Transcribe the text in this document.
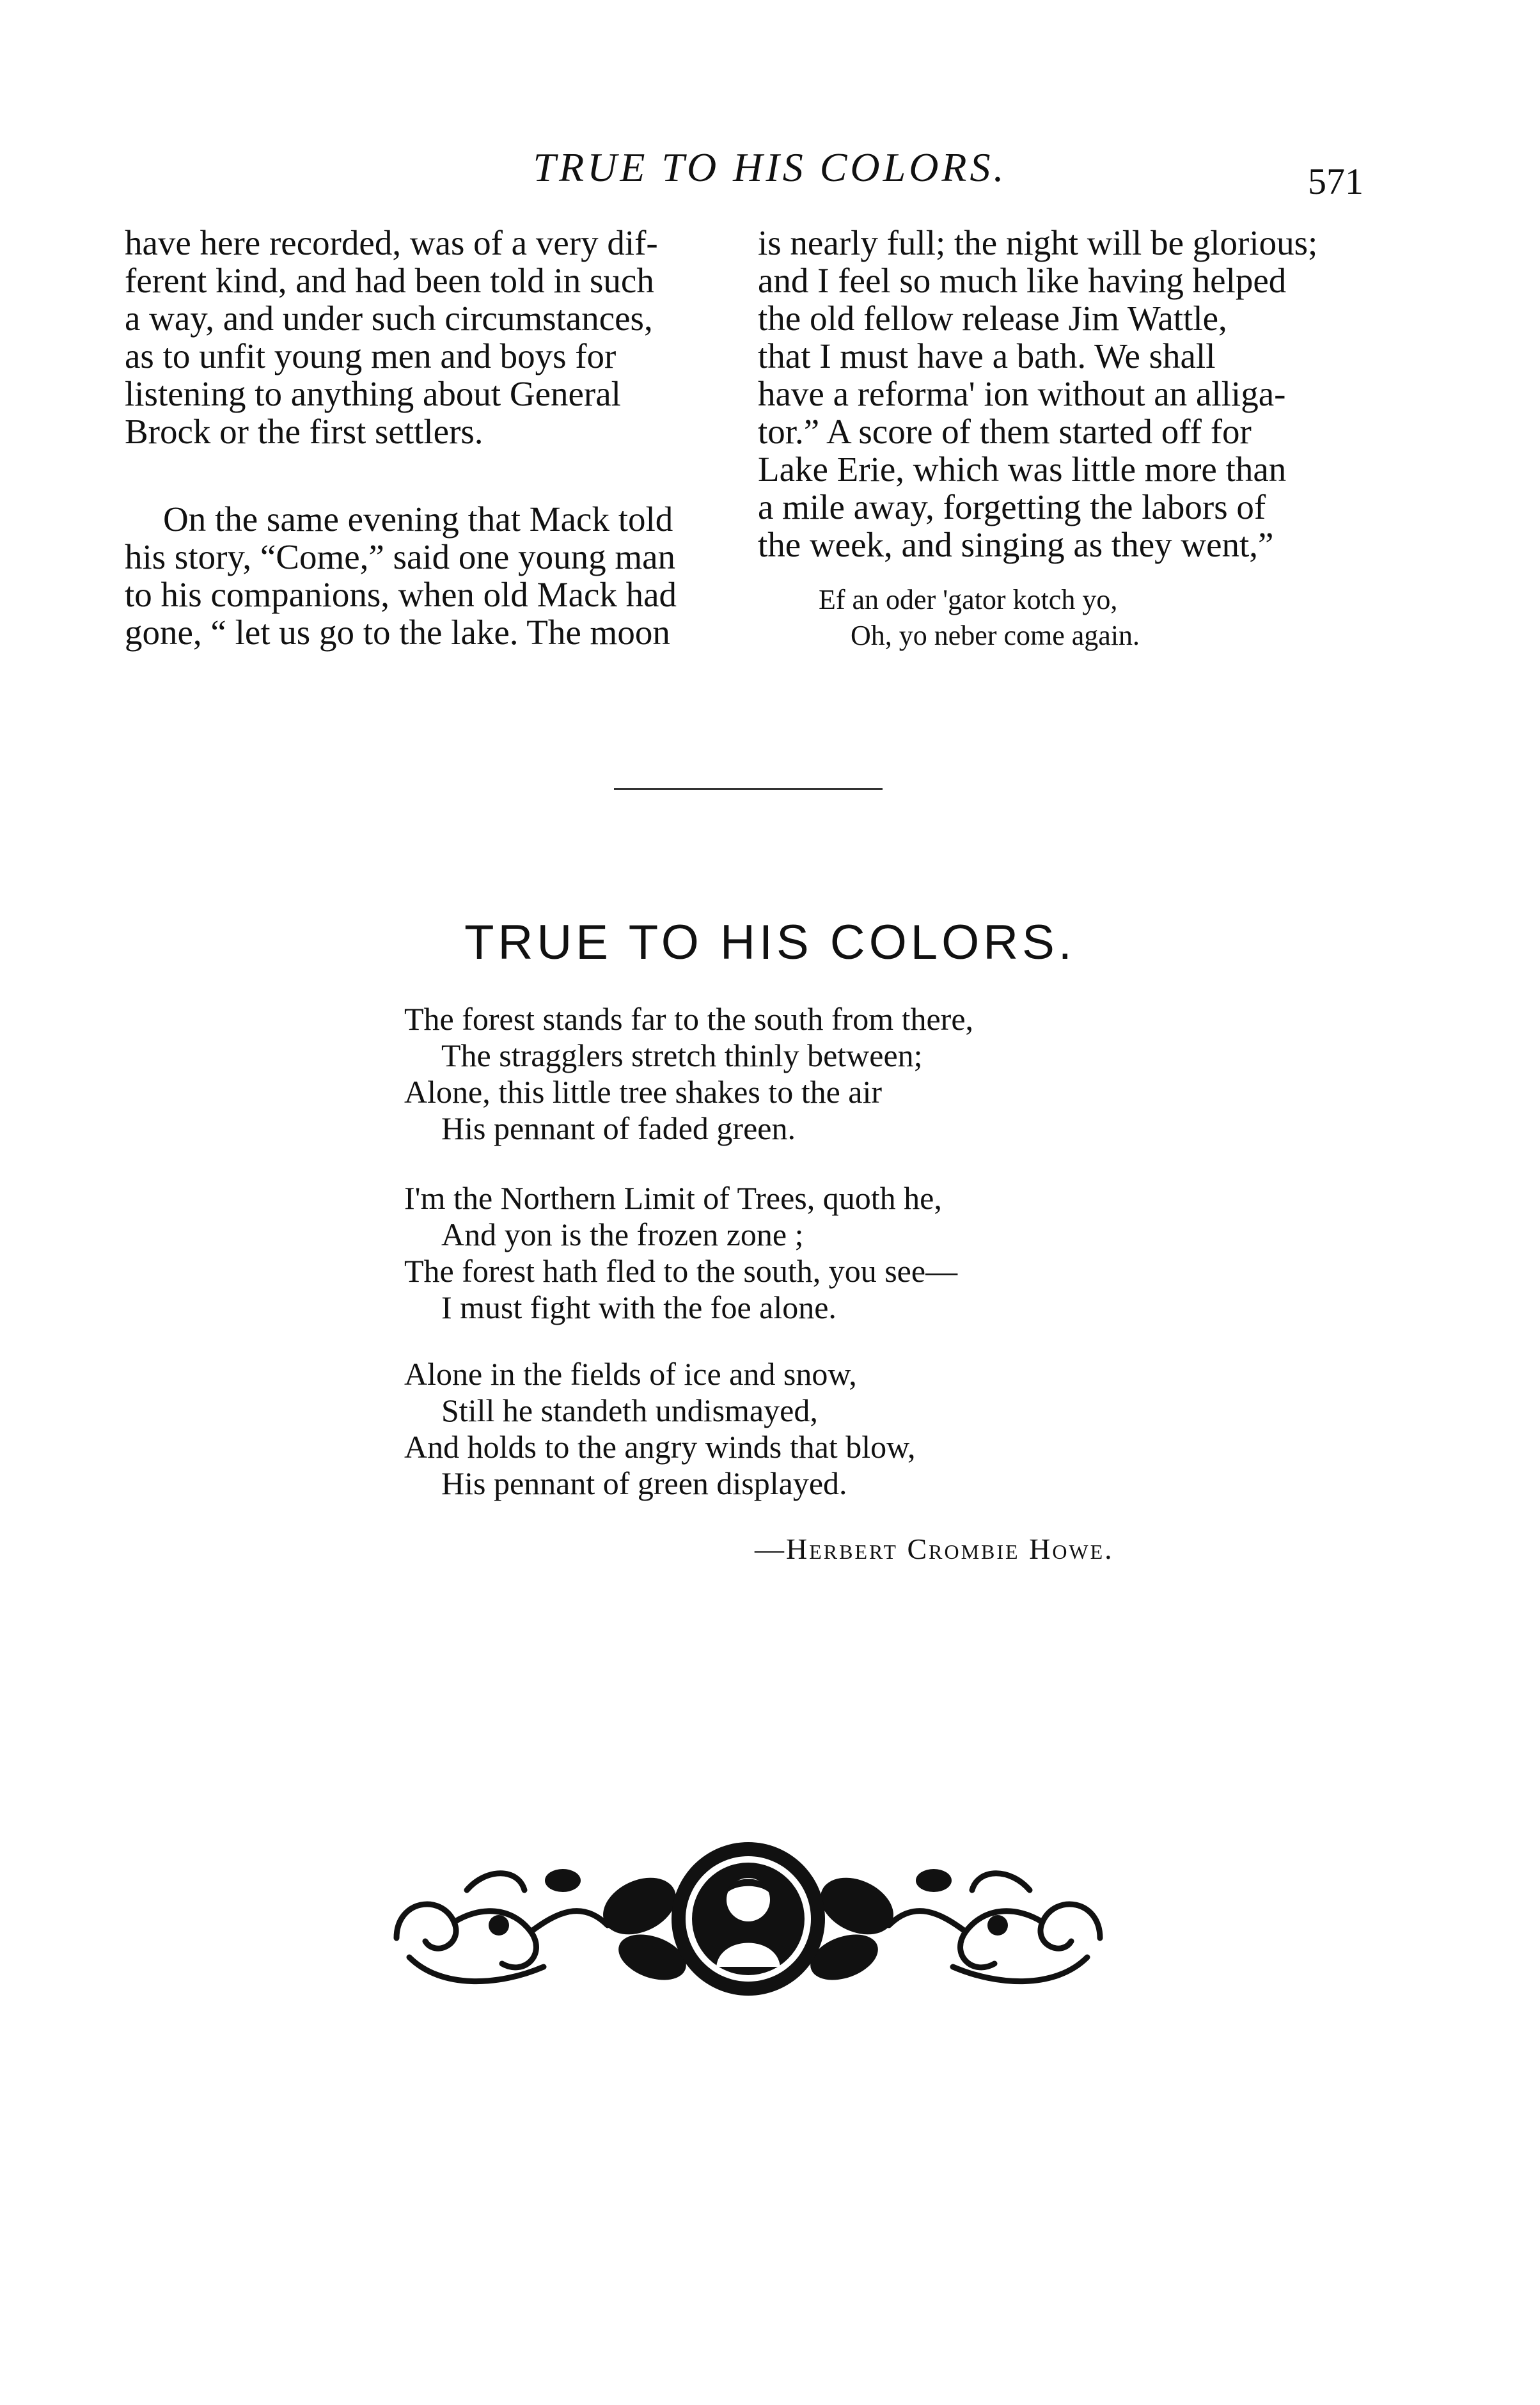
TRUE TO HIS COLORS.	571

have here recorded, was of a very dif-
ferent kind, and had been told in such
a way, and under such circumstances,
as to unfit young men and boys for
listening to anything about General
Brock or the first settlers.

On the same evening that Mack told
his story, “Come,” said one young man
to his companions, when old Mack had
gone, “ let us go to the lake. The moon

is nearly full; the night will be glorious;
and I feel so much like having helped
the old fellow release Jim Wattle,
that I must have a bath. We shall
have a reforma' ion without an alliga-
tor.” A score of them started off for
Lake Erie, which was little more than
a mile away, forgetting the labors of
the week, and singing as they went,”

Ef an oder 'gator kotch yo,
Oh, yo neber come again.
TRUE TO HIS COLORS.
The forest stands far to the south from there,
The stragglers stretch thinly between;
Alone, this little tree shakes to the air
His pennant of faded green.
I'm the Northern Limit of Trees, quoth he,
And yon is the frozen zone ;
The forest hath fled to the south, you see—
I must fight with the foe alone.
Alone in the fields of ice and snow,
Still he standeth undismayed,
And holds to the angry winds that blow,
His pennant of green displayed.
—Herbert Crombie Howe.
